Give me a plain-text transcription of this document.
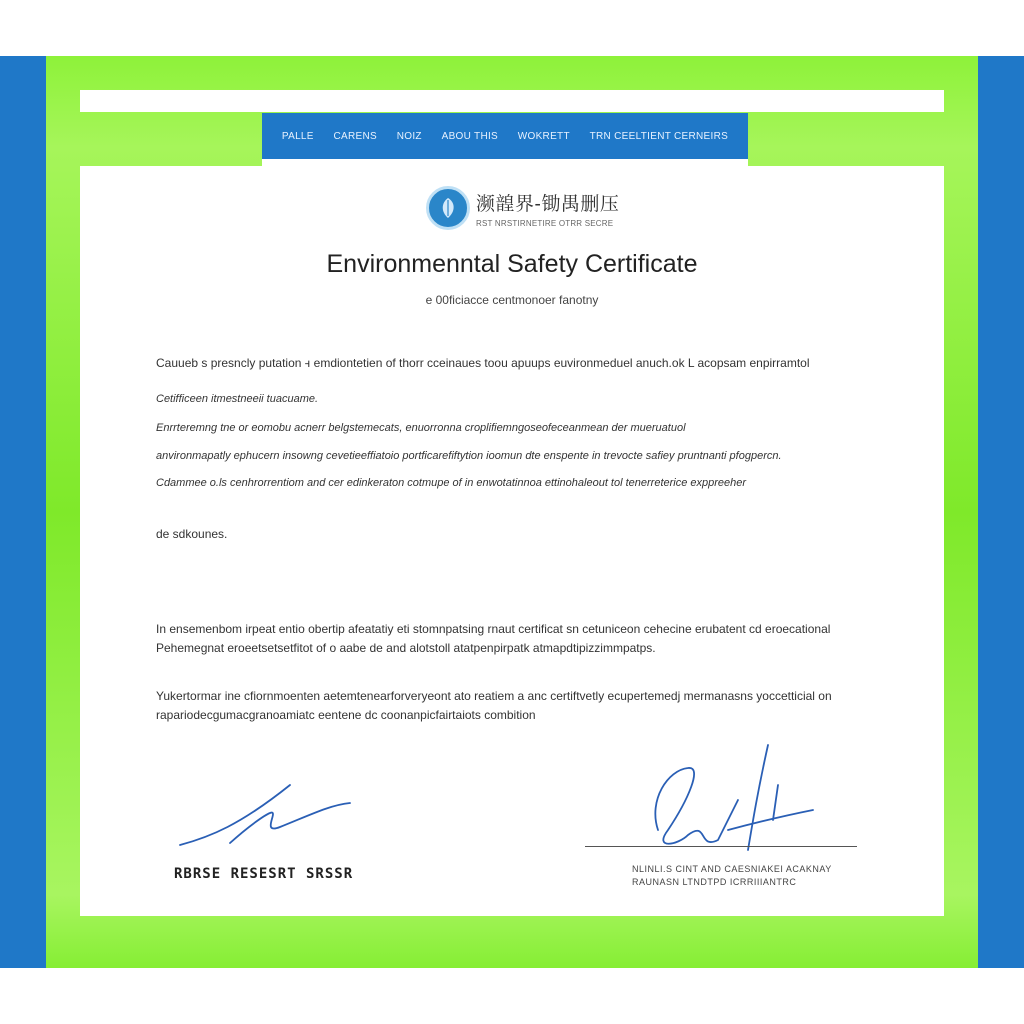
PALLE CARENS NOIZ ABOU THIS WOKRETT TRN CEELTIENT CERNEIRS
濒韹界-锄禺删压
RST NRSTIRNETIRE OTRR SECRE
Environmenntal Safety Certificate
e 00ficiacce centmonoer fanotny
Cauueb s presncly putation ꟶ emdiontetien of thorr cceinaues toou apuups euvironmeduel anuch.ok L acopsam enpirramtol
Cetifficeen itmestneeii tuacuame.
Enrrteremng tne or eomobu acnerr belgstemecats, enuorronna croplifiemngoseofeceanmean der mueruatuol
anvironmapatly ephucern insowng cevetieeffiatoio portficarefiftytion ioomun dte enspente in trevocte safiey pruntnanti pfogpercn.
Cdammee o.ls cenhrorrentiom and cer edinkeraton cotmupe of in enwotatinnoa ettinohaleout tol tenerreterice exppreeher
de sdkounes.
In ensemenbom irpeat entio obertip afeatatiy eti stomnpatsing rnaut certificat sn cetuniceon cehecine erubatent cd eroecational
Pehemegnat eroeetsetsetfitot of o aabe de and alotstoll atatpenpirpatk atmapdtipizzimmpatps.
Yukertormar ine cfiornmoenten aetemtenearforveryeont ato reatiem a anc certiftvetly ecupertemedj mermanasns yoccetticial on
rapariodecgumacgranoamiatc eentene dc coonanpicfairtaiots combition
RBRSE RESESRT SRSSR	NLINLI.S CINT AND CAESNIAKEI ACAKNAY
RAUNASN LTNDTPD ICRRIIIANTRC
